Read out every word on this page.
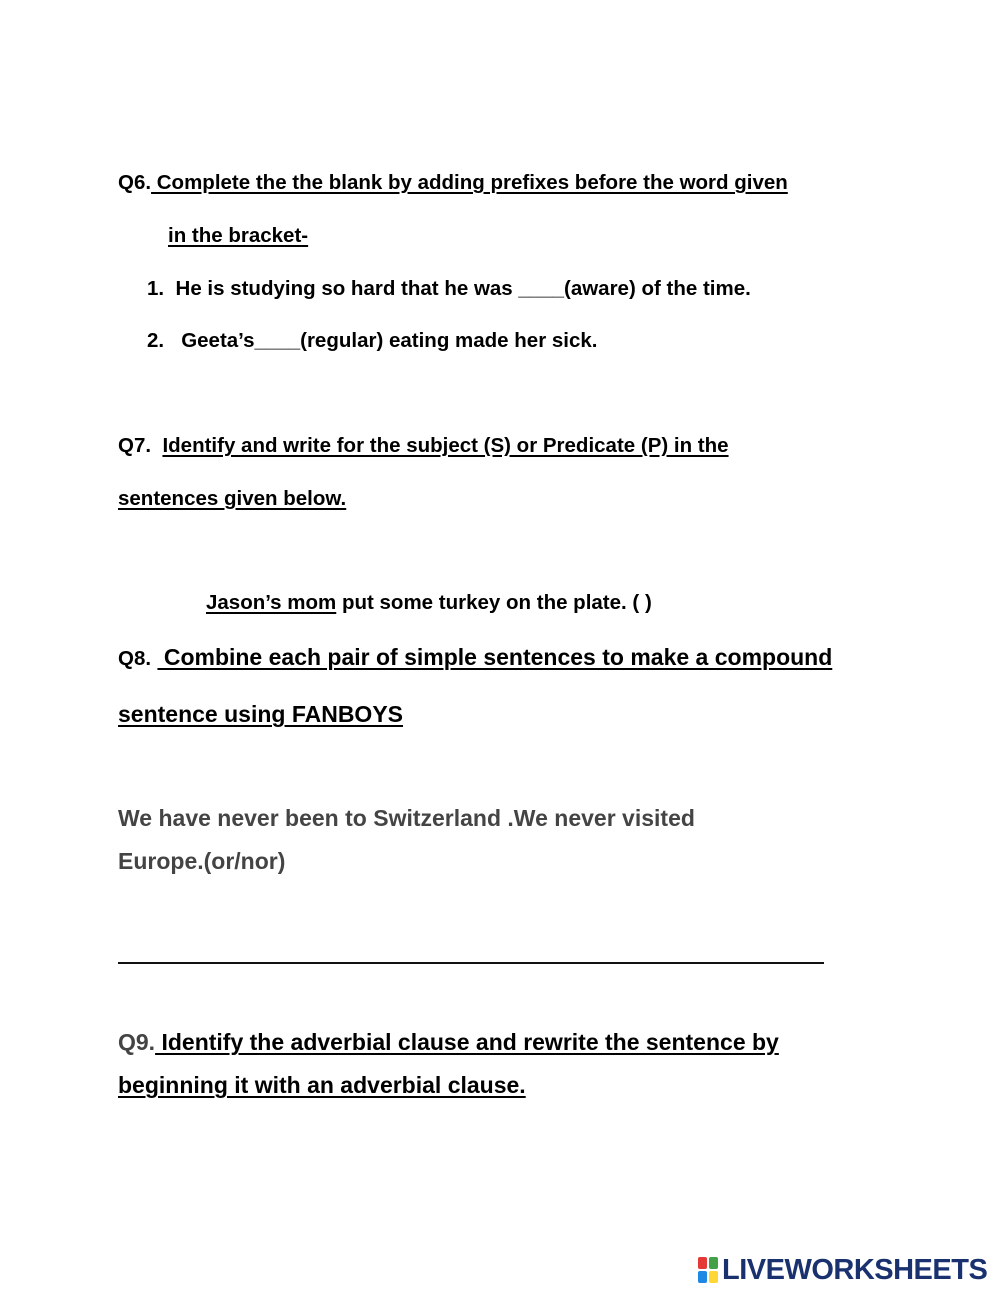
Q6. Complete the the blank by adding prefixes before the word given
in the bracket-
1. He is studying so hard that he was ____(aware) of the time.
2. Geeta’s____(regular) eating made her sick.
Q7. Identify and write for the subject (S) or Predicate (P) in the
sentences given below.
Jason’s mom put some turkey on the plate. ( )
Q8.  Combine each pair of simple sentences to make a compound
sentence using FANBOYS
We have never been to Switzerland .We never visited
Europe.(or/nor)
Q9. Identify the adverbial clause and rewrite the sentence by
beginning it with an adverbial clause.
LIVEWORKSHEETS
